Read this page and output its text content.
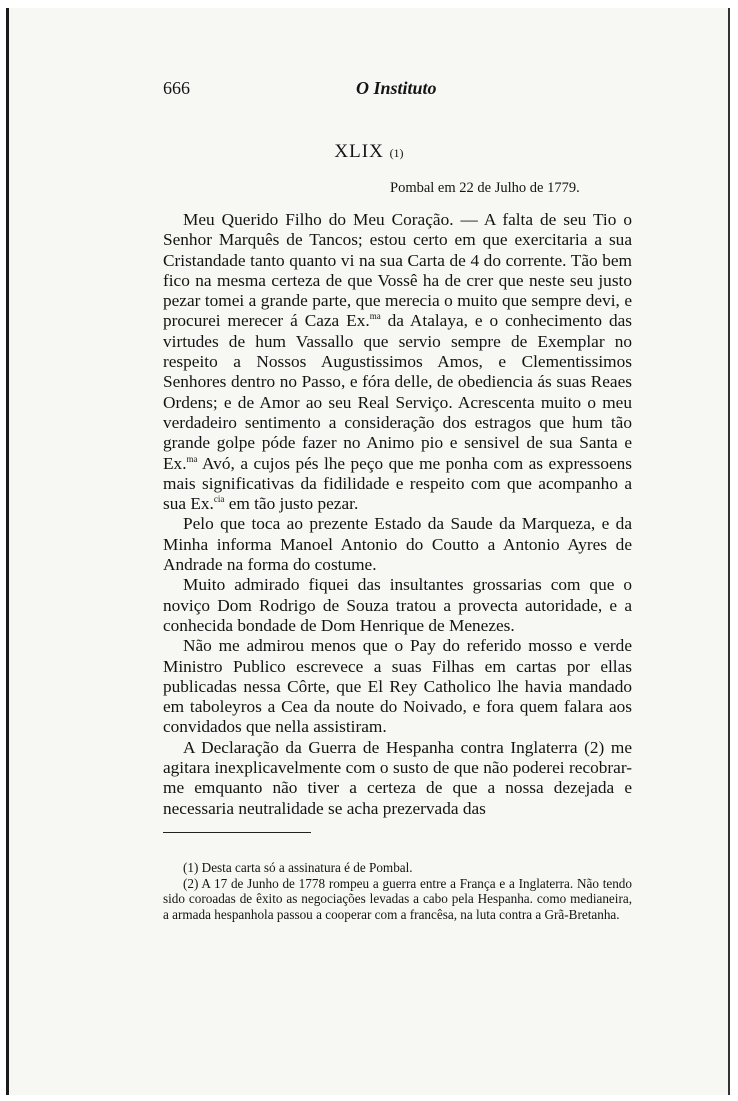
666	O Instituto
XLIX (1)
Pombal em 22 de Julho de 1779.

Meu Querido Filho do Meu Coração. — A falta de seu Tio o Senhor Marquês de Tancos; estou certo em que exercitaria a sua Cristandade tanto quanto vi na sua Carta de 4 do corrente. Tão bem fico na mesma certeza de que Vossê ha de crer que neste seu justo pezar tomei a grande parte, que merecia o muito que sempre devi, e procurei merecer á Caza Ex.$^{ma}$ da Atalaya, e o conhecimento das virtudes de hum Vassallo que servio sempre de Exemplar no respeito a Nossos Augustissimos Amos, e Clementissimos Senhores dentro no Passo, e fóra delle, de obediencia ás suas Reaes Ordens; e de Amor ao seu Real Serviço. Acrescenta muito o meu verdadeiro sentimento a consideração dos estragos que hum tão grande golpe póde fazer no Animo pio e sensivel de sua Santa e Ex.$^{ma}$ Avó, a cujos pés lhe peço que me ponha com as expressoens mais significativas da fidilidade e respeito com que acompanho a sua Ex.$^{cia}$ em tão justo pezar.

Pelo que toca ao prezente Estado da Saude da Marqueza, e da Minha informa Manoel Antonio do Coutto a Antonio Ayres de Andrade na forma do costume.

Muito admirado fiquei das insultantes grossarias com que o noviço Dom Rodrigo de Souza tratou a provecta autoridade, e a conhecida bondade de Dom Henrique de Menezes.

Não me admirou menos que o Pay do referido mosso e verde Ministro Publico escrevece a suas Filhas em cartas por ellas publicadas nessa Côrte, que El Rey Catholico lhe havia mandado em taboleyros a Cea da noute do Noivado, e fora quem falara aos convidados que nella assistiram.

A Declaração da Guerra de Hespanha contra Inglaterra (2) me agitara inexplicavelmente com o susto de que não poderei recobrar-me emquanto não tiver a certeza de que a nossa dezejada e necessaria neutralidade se acha prezervada das

(1) Desta carta só a assinatura é de Pombal.

(2) A 17 de Junho de 1778 rompeu a guerra entre a França e a Inglaterra. Não tendo sido coroadas de êxito as negociações levadas a cabo pela Hespanha. como medianeira, a armada hespanhola passou a cooperar com a francêsa, na luta contra a Grã-Bretanha.
